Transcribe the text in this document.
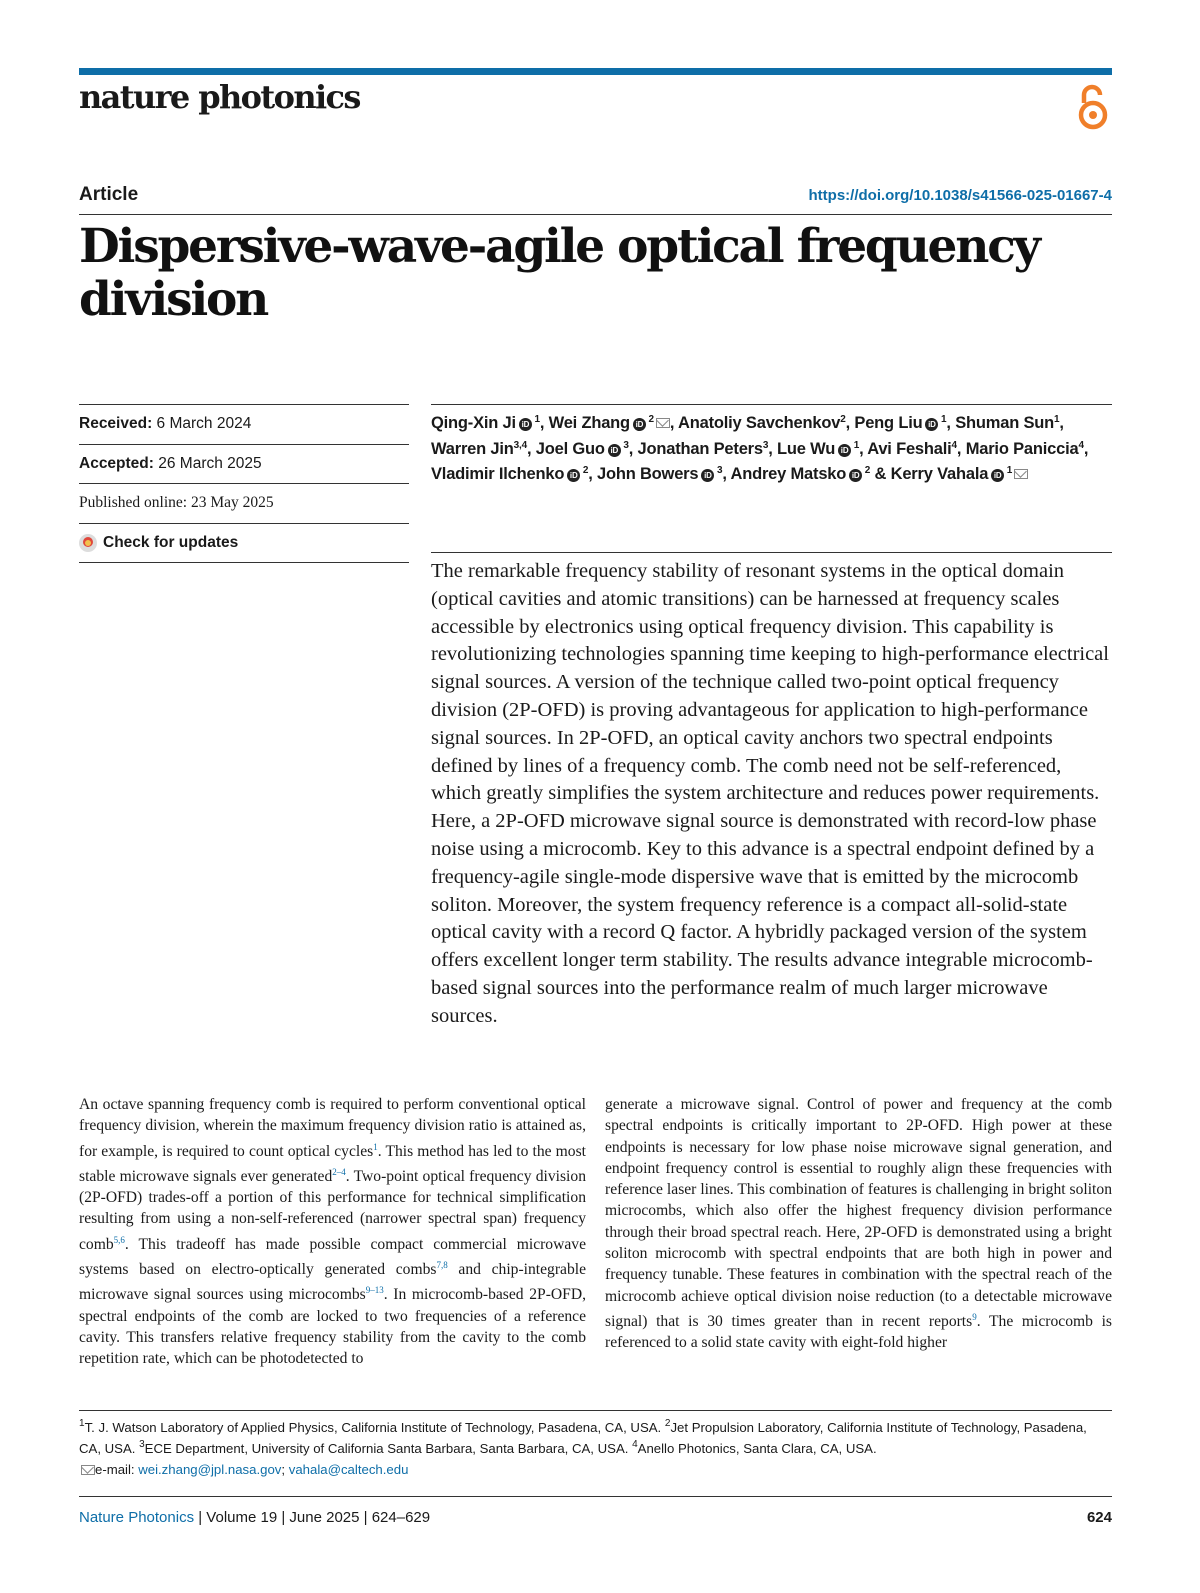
nature photonics
Article	https://doi.org/10.1038/s41566-025-01667-4
Dispersive-wave-agile optical frequency division
Received:
6 March 2024
Accepted:
26 March 2025
Published online:
23 May 2025
Check for updates
Qing-Xin Ji iD $^1$, Wei Zhang iD $^2$ , Anatoliy Savchenkov$^2$, Peng Liu iD $^1$, Shuman Sun$^1$, Warren Jin$^{3,4}$, Joel Guo iD $^3$, Jonathan Peters$^3$, Lue Wu iD $^1$, Avi Feshali$^4$, Mario Paniccia$^4$, Vladimir Ilchenko iD $^2$, John Bowers iD $^3$, Andrey Matsko iD $^2$ & Kerry Vahala iD $^1$

The remarkable frequency stability of resonant systems in the optical domain (optical cavities and atomic transitions) can be harnessed at frequency scales accessible by electronics using optical frequency division. This capability is revolutionizing technologies spanning time keeping to high-performance electrical signal sources. A version of the technique called two-point optical frequency division (2P-OFD) is proving advantageous for application to high-performance signal sources. In 2P-OFD, an optical cavity anchors two spectral endpoints defined by lines of a frequency comb. The comb need not be self-referenced, which greatly simplifies the system architecture and reduces power requirements. Here, a 2P-OFD microwave signal source is demonstrated with record-low phase noise using a microcomb. Key to this advance is a spectral endpoint defined by a frequency-agile single-mode dispersive wave that is emitted by the microcomb soliton. Moreover, the system frequency reference is a compact all-solid-state optical cavity with a record Q factor. A hybridly packaged version of the system offers excellent longer term stability. The results advance integrable microcomb-based signal sources into the performance realm of much larger microwave sources.

An octave spanning frequency comb is required to perform conventional optical frequency division, wherein the maximum frequency division ratio is attained as, for example, is required to count optical cycles$^1$. This method has led to the most stable microwave signals ever generated$^{2-4}$. Two-point optical frequency division (2P-OFD) trades-off a portion of this performance for technical simplification resulting from using a non-self-referenced (narrower spectral span) frequency comb$^{5,6}$. This tradeoff has made possible compact commercial microwave systems based on electro-optically generated combs$^{7,8}$ and chip-integrable microwave signal sources using microcombs$^{9-13}$. In microcomb-based 2P-OFD, spectral endpoints of the comb are locked to two frequencies of a reference cavity. This transfers relative frequency stability from the cavity to the comb repetition rate, which can be photodetected to

generate a microwave signal. Control of power and frequency at the comb spectral endpoints is critically important to 2P-OFD. High power at these endpoints is necessary for low phase noise microwave signal generation, and endpoint frequency control is essential to roughly align these frequencies with reference laser lines. This combination of features is challenging in bright soliton microcombs, which also offer the highest frequency division performance through their broad spectral reach. Here, 2P-OFD is demonstrated using a bright soliton microcomb with spectral endpoints that are both high in power and frequency tunable. These features in combination with the spectral reach of the microcomb achieve optical division noise reduction (to a detectable microwave signal) that is 30 times greater than in recent reports$^9$. The microcomb is referenced to a solid state cavity with eight-fold higher

$^1$T. J. Watson Laboratory of Applied Physics, California Institute of Technology, Pasadena, CA, USA. $^2$Jet Propulsion Laboratory, California Institute of Technology, Pasadena, CA, USA. $^3$ECE Department, University of California Santa Barbara, Santa Barbara, CA, USA. $^4$Anello Photonics, Santa Clara, CA, USA.
e-mail: wei.zhang@jpl.nasa.gov; vahala@caltech.edu
Nature Photonics | Volume 19 | June 2025 | 624–629	624
